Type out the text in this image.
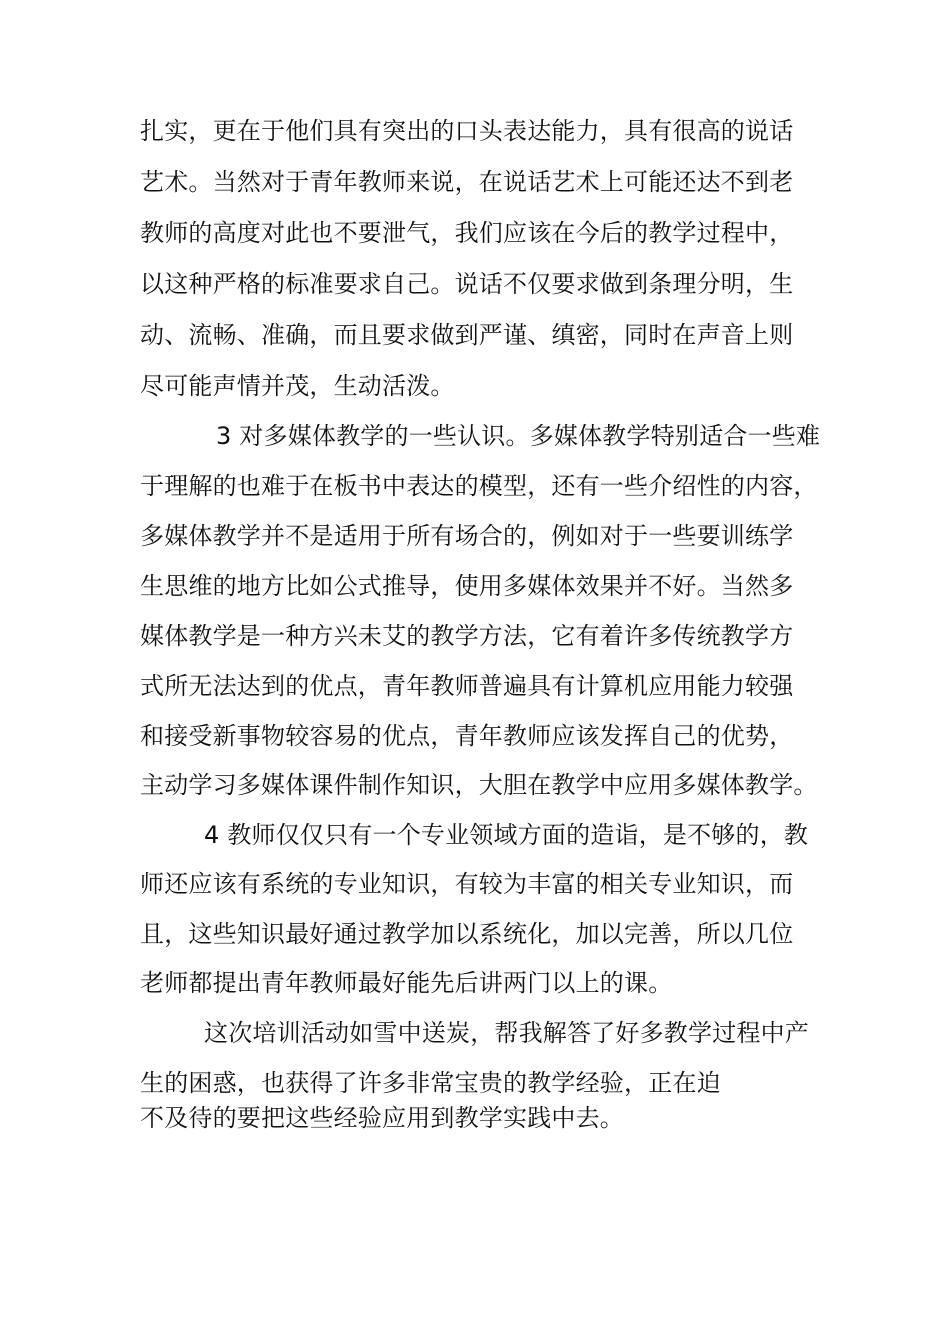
扎实，更在于他们具有突出的口头表达能力，具有很高的说话
艺术。当然对于青年教师来说，在说话艺术上可能还达不到老
教师的高度对此也不要泄气，我们应该在今后的教学过程中，
以这种严格的标准要求自己。说话不仅要求做到条理分明，生
动、流畅、准确，而且要求做到严谨、缜密，同时在声音上则
尽可能声情并茂，生动活泼。
3 对多媒体教学的一些认识。多媒体教学特别适合一些难
于理解的也难于在板书中表达的模型，还有一些介绍性的内容，
多媒体教学并不是适用于所有场合的，例如对于一些要训练学
生思维的地方比如公式推导，使用多媒体效果并不好。当然多
媒体教学是一种方兴未艾的教学方法，它有着许多传统教学方
式所无法达到的优点，青年教师普遍具有计算机应用能力较强
和接受新事物较容易的优点，青年教师应该发挥自己的优势，
主动学习多媒体课件制作知识，大胆在教学中应用多媒体教学。
4 教师仅仅只有一个专业领域方面的造诣，是不够的，教
师还应该有系统的专业知识，有较为丰富的相关专业知识，而
且，这些知识最好通过教学加以系统化，加以完善，所以几位
老师都提出青年教师最好能先后讲两门以上的课。
这次培训活动如雪中送炭，帮我解答了好多教学过程中产
生的困惑，也获得了许多非常宝贵的教学经验，正在迫
不及待的要把这些经验应用到教学实践中去。
